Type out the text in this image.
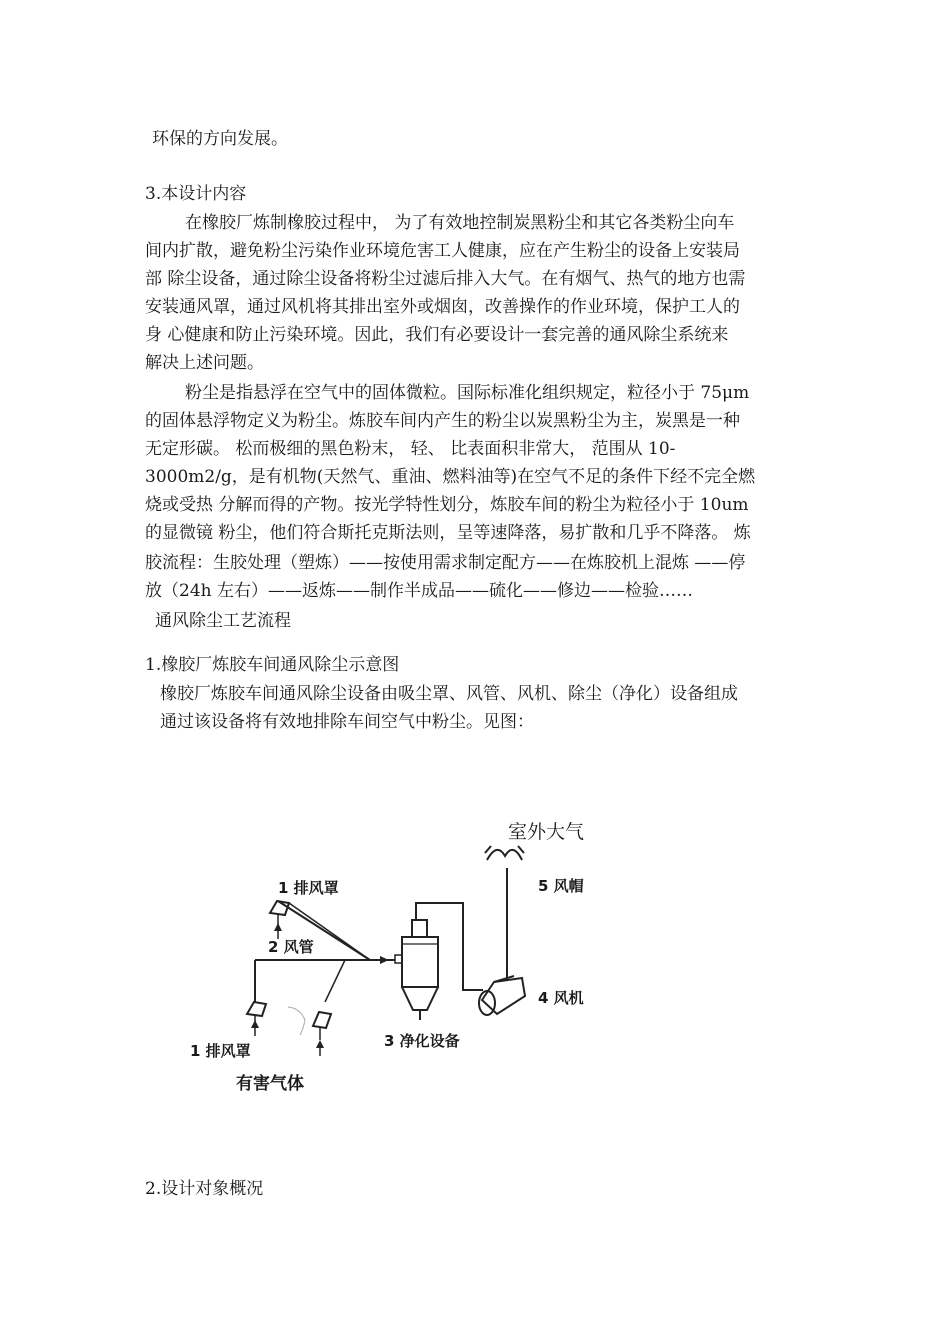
环保的方向发展。
3.本设计内容
在橡胶厂炼制橡胶过程中， 为了有效地控制炭黑粉尘和其它各类粉尘向车
间内扩散，避免粉尘污染作业环境危害工人健康，应在产生粉尘的设备上安装局
部 除尘设备，通过除尘设备将粉尘过滤后排入大气。在有烟气、热气的地方也需
安装通风罩，通过风机将其排出室外或烟囱，改善操作的作业环境，保护工人的
身 心健康和防止污染环境。因此，我们有必要设计一套完善的通风除尘系统来
解决上述问题。
粉尘是指悬浮在空气中的固体微粒。国际标准化组织规定，粒径小于 75μm
的固体悬浮物定义为粉尘。炼胶车间内产生的粉尘以炭黑粉尘为主，炭黑是一种
无定形碳。 松而极细的黑色粉末， 轻、 比表面积非常大， 范围从 10-
3000m2/g，是有机物(天然气、重油、燃料油等)在空气不足的条件下经不完全燃
烧或受热 分解而得的产物。按光学特性划分，炼胶车间的粉尘为粒径小于 10um
的显微镜 粉尘，他们符合斯托克斯法则，呈等速降落，易扩散和几乎不降落。 炼
胶流程：生胶处理（塑炼）——按使用需求制定配方——在炼胶机上混炼 ——停
放（24h 左右）——返炼——制作半成品——硫化——修边——检验……
通风除尘工艺流程
1.橡胶厂炼胶车间通风除尘示意图
橡胶厂炼胶车间通风除尘设备由吸尘罩、风管、风机、除尘（净化）设备组成
通过该设备将有效地排除车间空气中粉尘。见图：
室外大气
1 排风罩
2 风管
1 排风罩
有害气体
3 净化设备
4 风机
5 风帽
2.设计对象概况
